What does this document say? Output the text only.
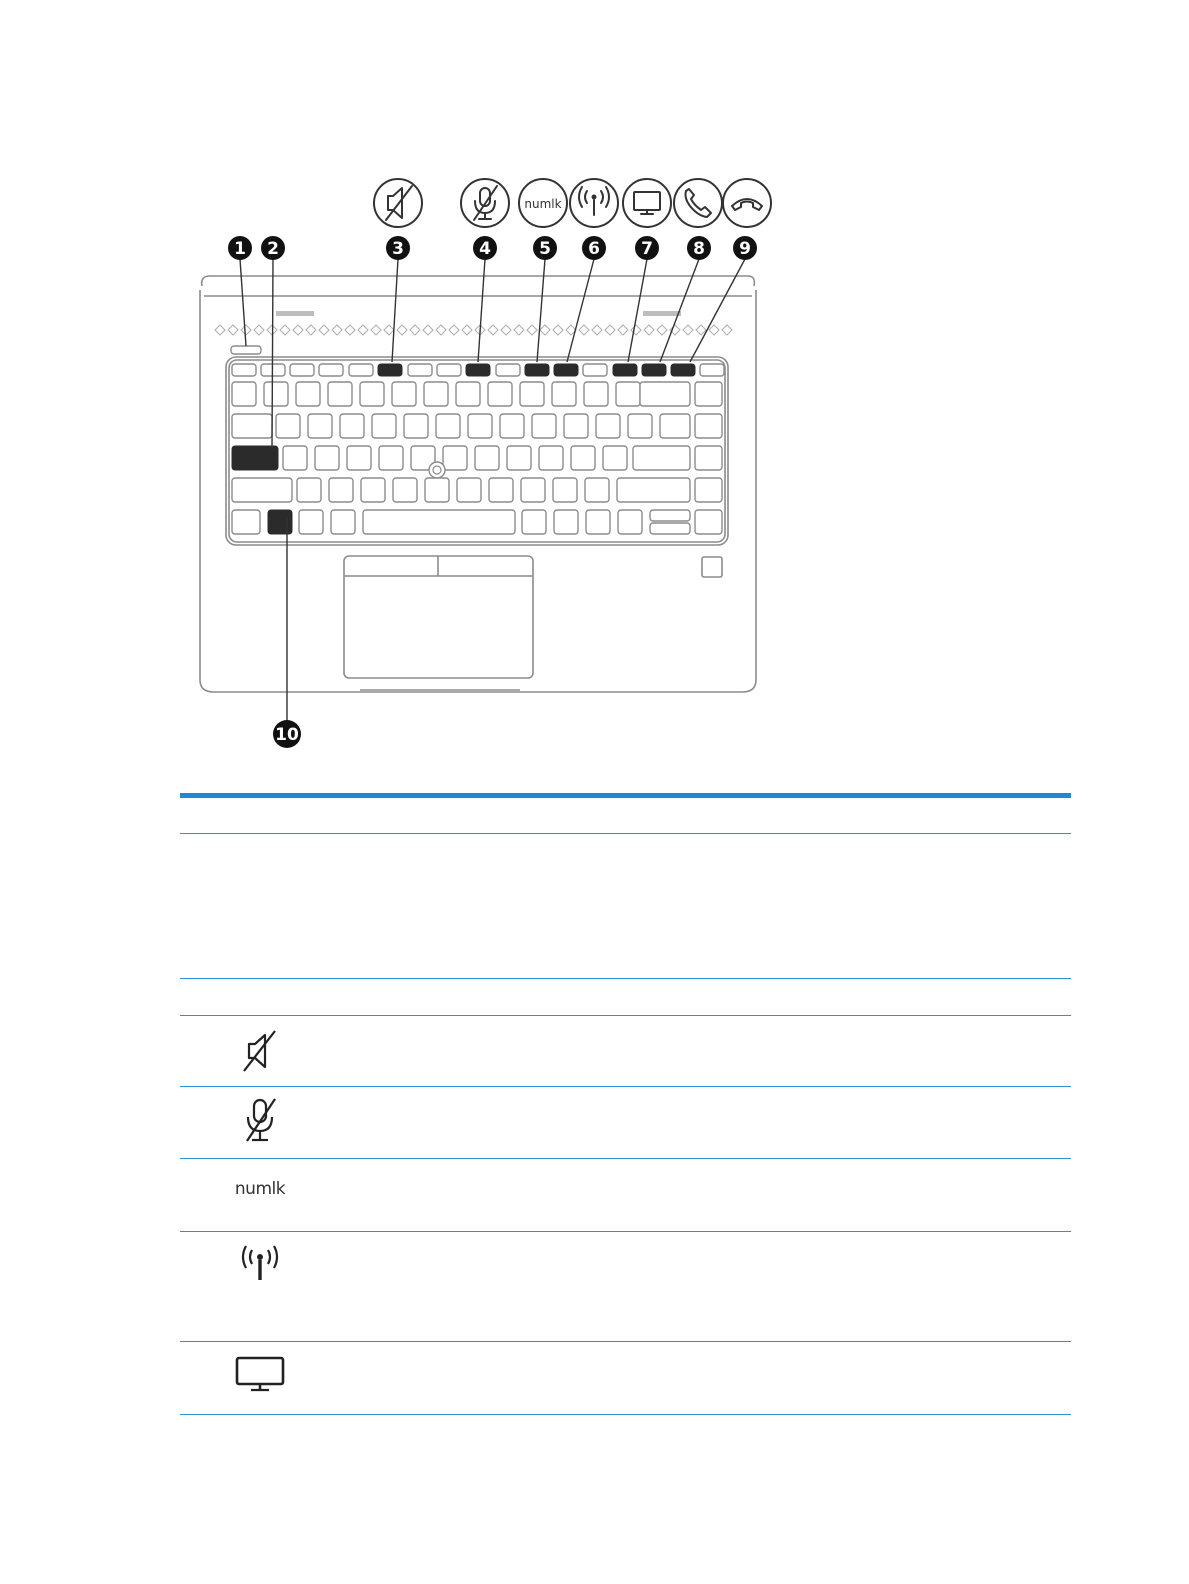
numlk
1 2	3	4	5 6 7 8 9
10
numlk
